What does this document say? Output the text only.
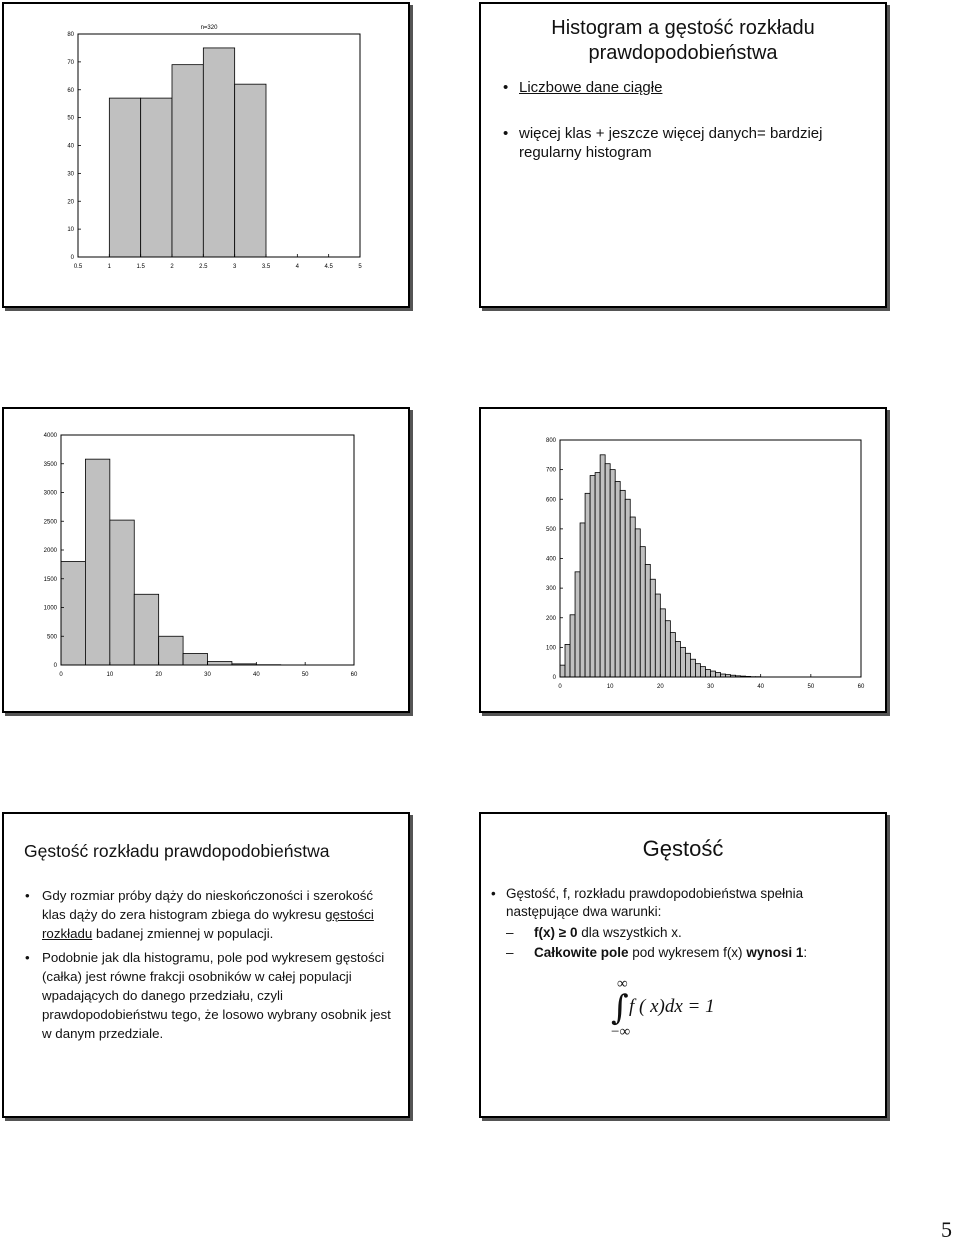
0.5	1	1.5	2	2.5	3	3.5	4	4.5	5
0
10
20
30
40
50
60
70
80
n=320	Histogram a gęstość rozkładu prawdopodobieństwa
• Liczbowe dane ciągłe
• więcej klas + jeszcze więcej danych= bardziej regularny histogram
0	10	20	30	40	50	60
0
500
1000
1500
2000
2500
3000
3500
4000
0	10	20	30	40	50	60
0
100
200
300
400
500
600
700
800
Gęstość rozkładu prawdopodobieństwa
• Gdy rozmiar próby dąży do nieskończoności i szerokość klas dąży do zera histogram zbiega do wykresu gęstości rozkładu badanej zmiennej w populacji.
• Podobnie jak dla histogramu, pole pod wykresem gęstości (całka) jest równe frakcji osobników w całej populacji wpadających do danego przedziału, czyli prawdopodobieństwu tego, że losowo wybrany osobnik jest w danym przedziale.
Gęstość
• Gęstość, f, rozkładu prawdopodobieństwa spełnia następujące dwa warunki:
– f(x) ≥ 0 dla wszystkich x.
– Całkowite pole pod wykresem f(x) wynosi 1:
∞
∫
−∞
f ( x)dx = 1
5
